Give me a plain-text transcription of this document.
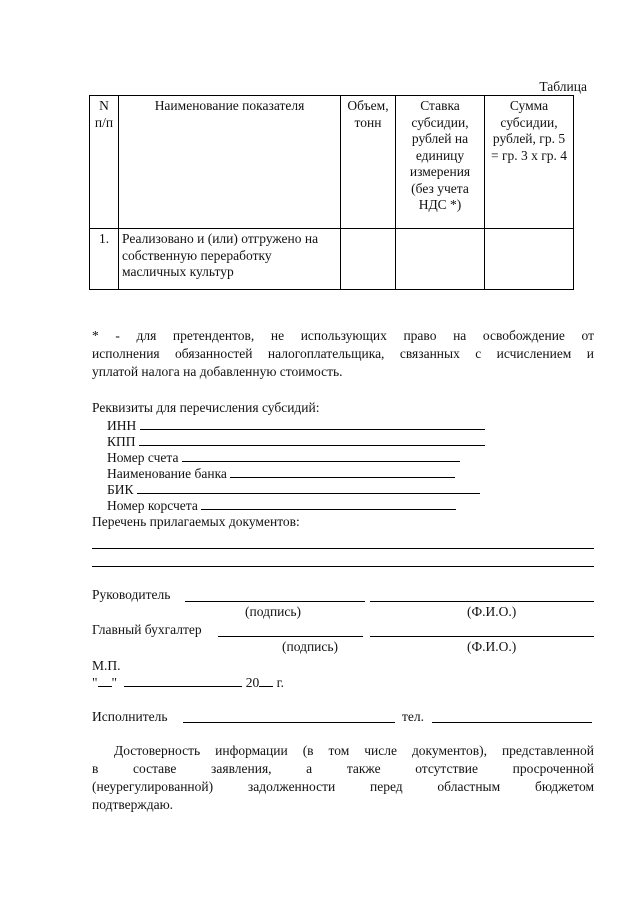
Таблица
N п/п	Наименование показателя	Объем, тонн	Ставка субсидии, рублей на единицу измерения (без учета НДС *)	Сумма субсидии, рублей, гр. 5 = гр. 3 x гр. 4
1.	Реализовано и (или) отгружено на собственную переработку масличных культур			
* - для претендентов, не использующих право на освобождение от
исполнения обязанностей налогоплательщика, связанных с исчислением и
уплатой налога на добавленную стоимость.
Реквизиты для перечисления субсидий:
ИНН
КПП
Номер счета
Наименование банка
БИК
Номер корсчета
Перечень прилагаемых документов:
Руководитель
(подпись)	(Ф.И.О.)
Главный бухгалтер
(подпись)	(Ф.И.О.)
М.П.
" "	20 г.
Исполнитель	тел.
Достоверность информации (в том числе документов), представленной
в составе заявления, а также отсутствие просроченной
(неурегулированной) задолженности перед областным бюджетом
подтверждаю.
